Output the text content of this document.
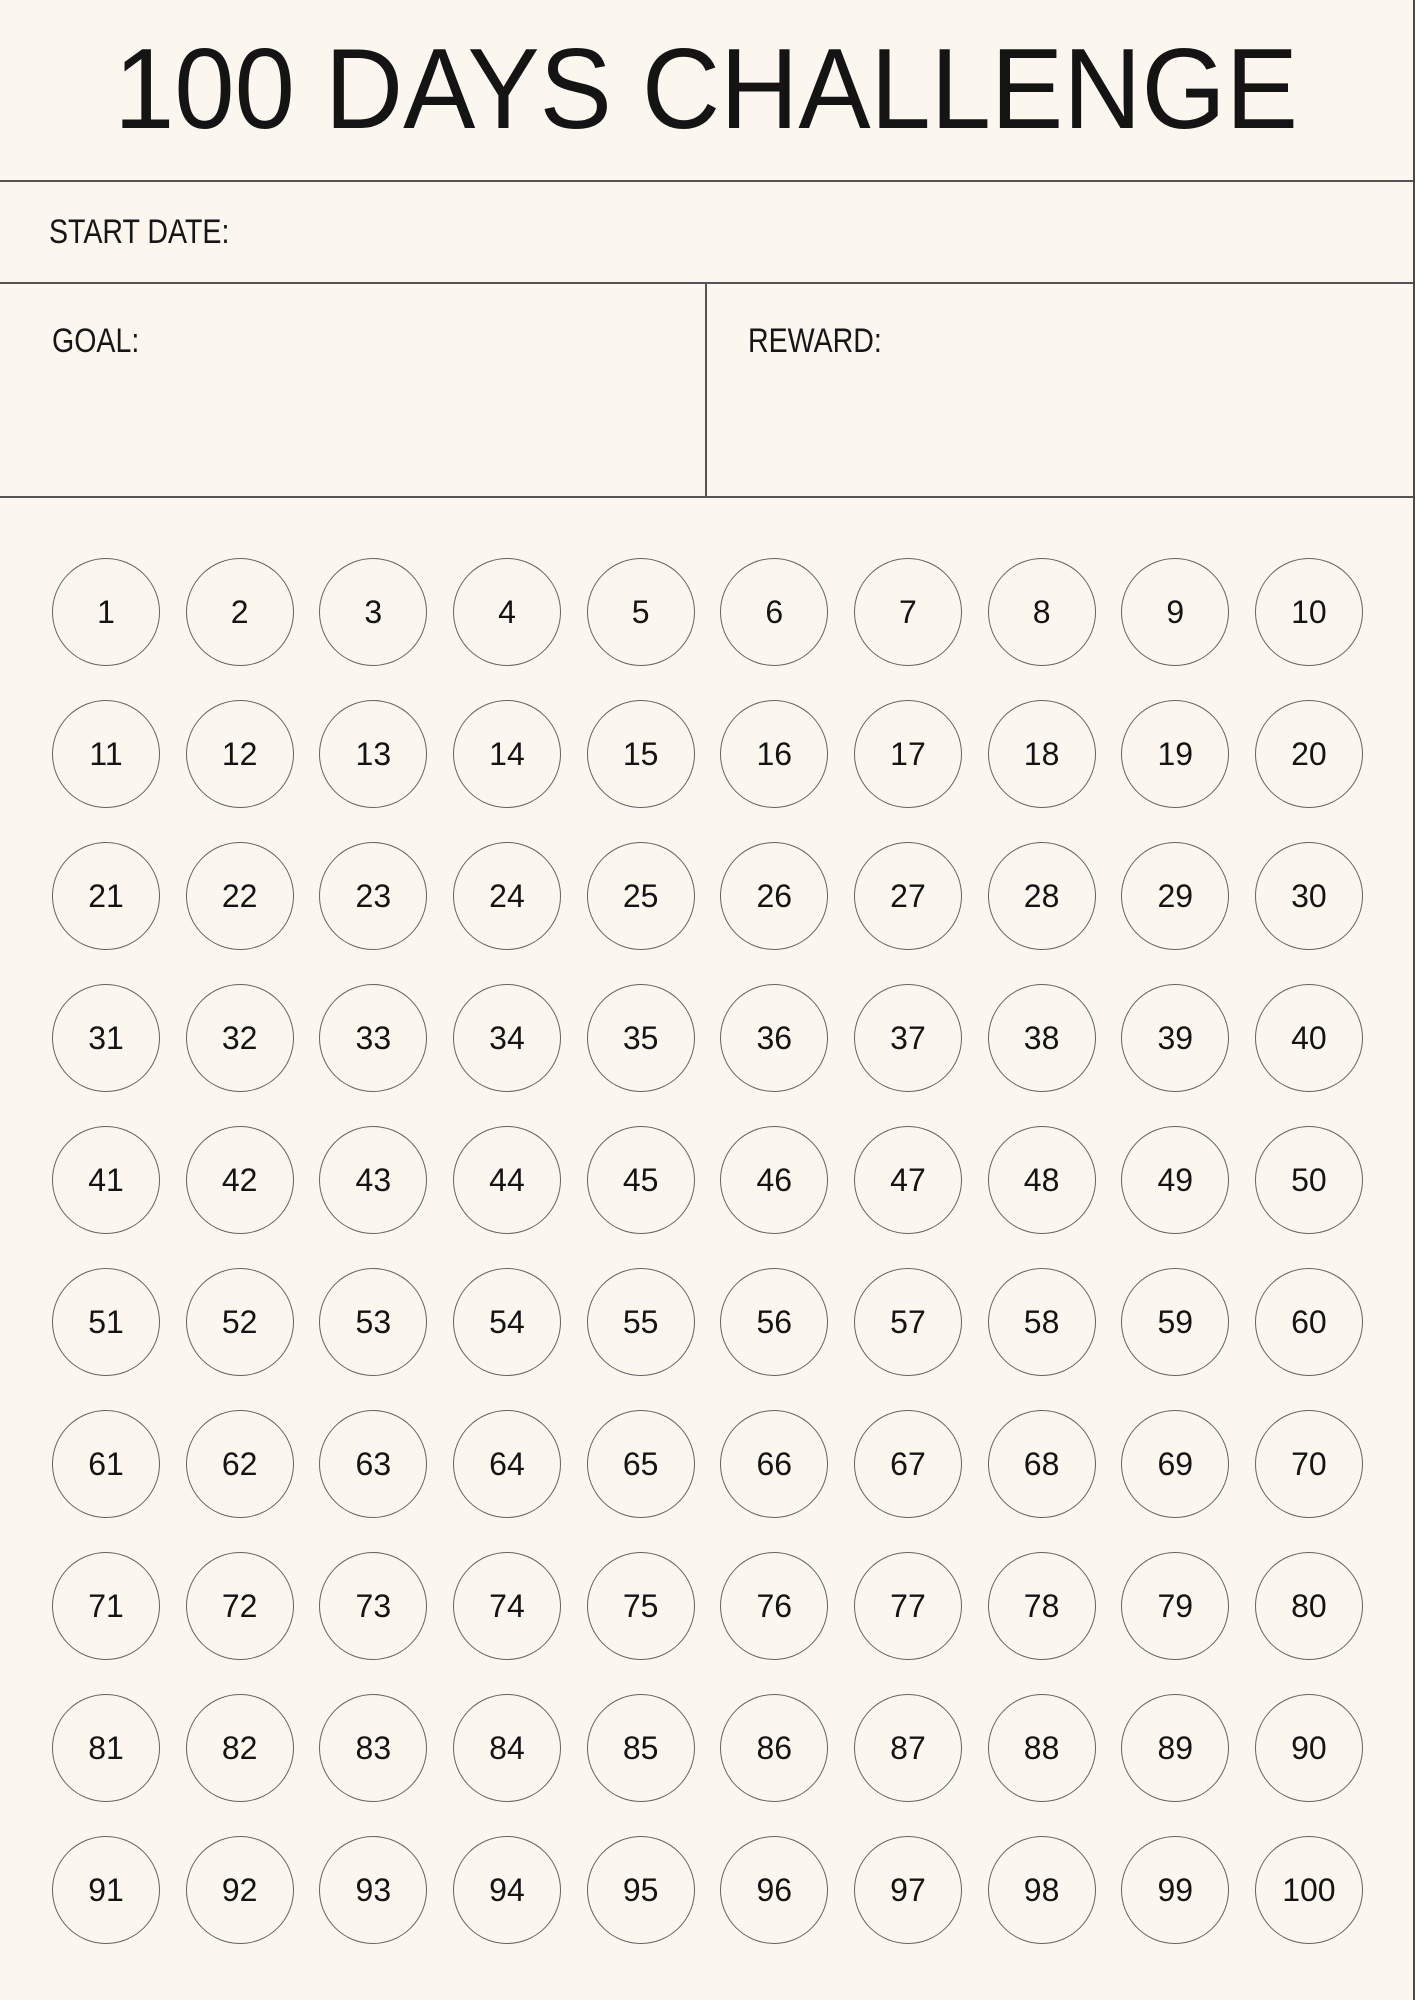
100 DAYS CHALLENGE
START DATE:
GOAL:	REWARD:
1	2	3	4	5	6	7	8	9	10
11	12	13	14	15	16	17	18	19	20
21	22	23	24	25	26	27	28	29	30
31	32	33	34	35	36	37	38	39	40
41	42	43	44	45	46	47	48	49	50
51	52	53	54	55	56	57	58	59	60
61	62	63	64	65	66	67	68	69	70
71	72	73	74	75	76	77	78	79	80
81	82	83	84	85	86	87	88	89	90
91	92	93	94	95	96	97	98	99	100
